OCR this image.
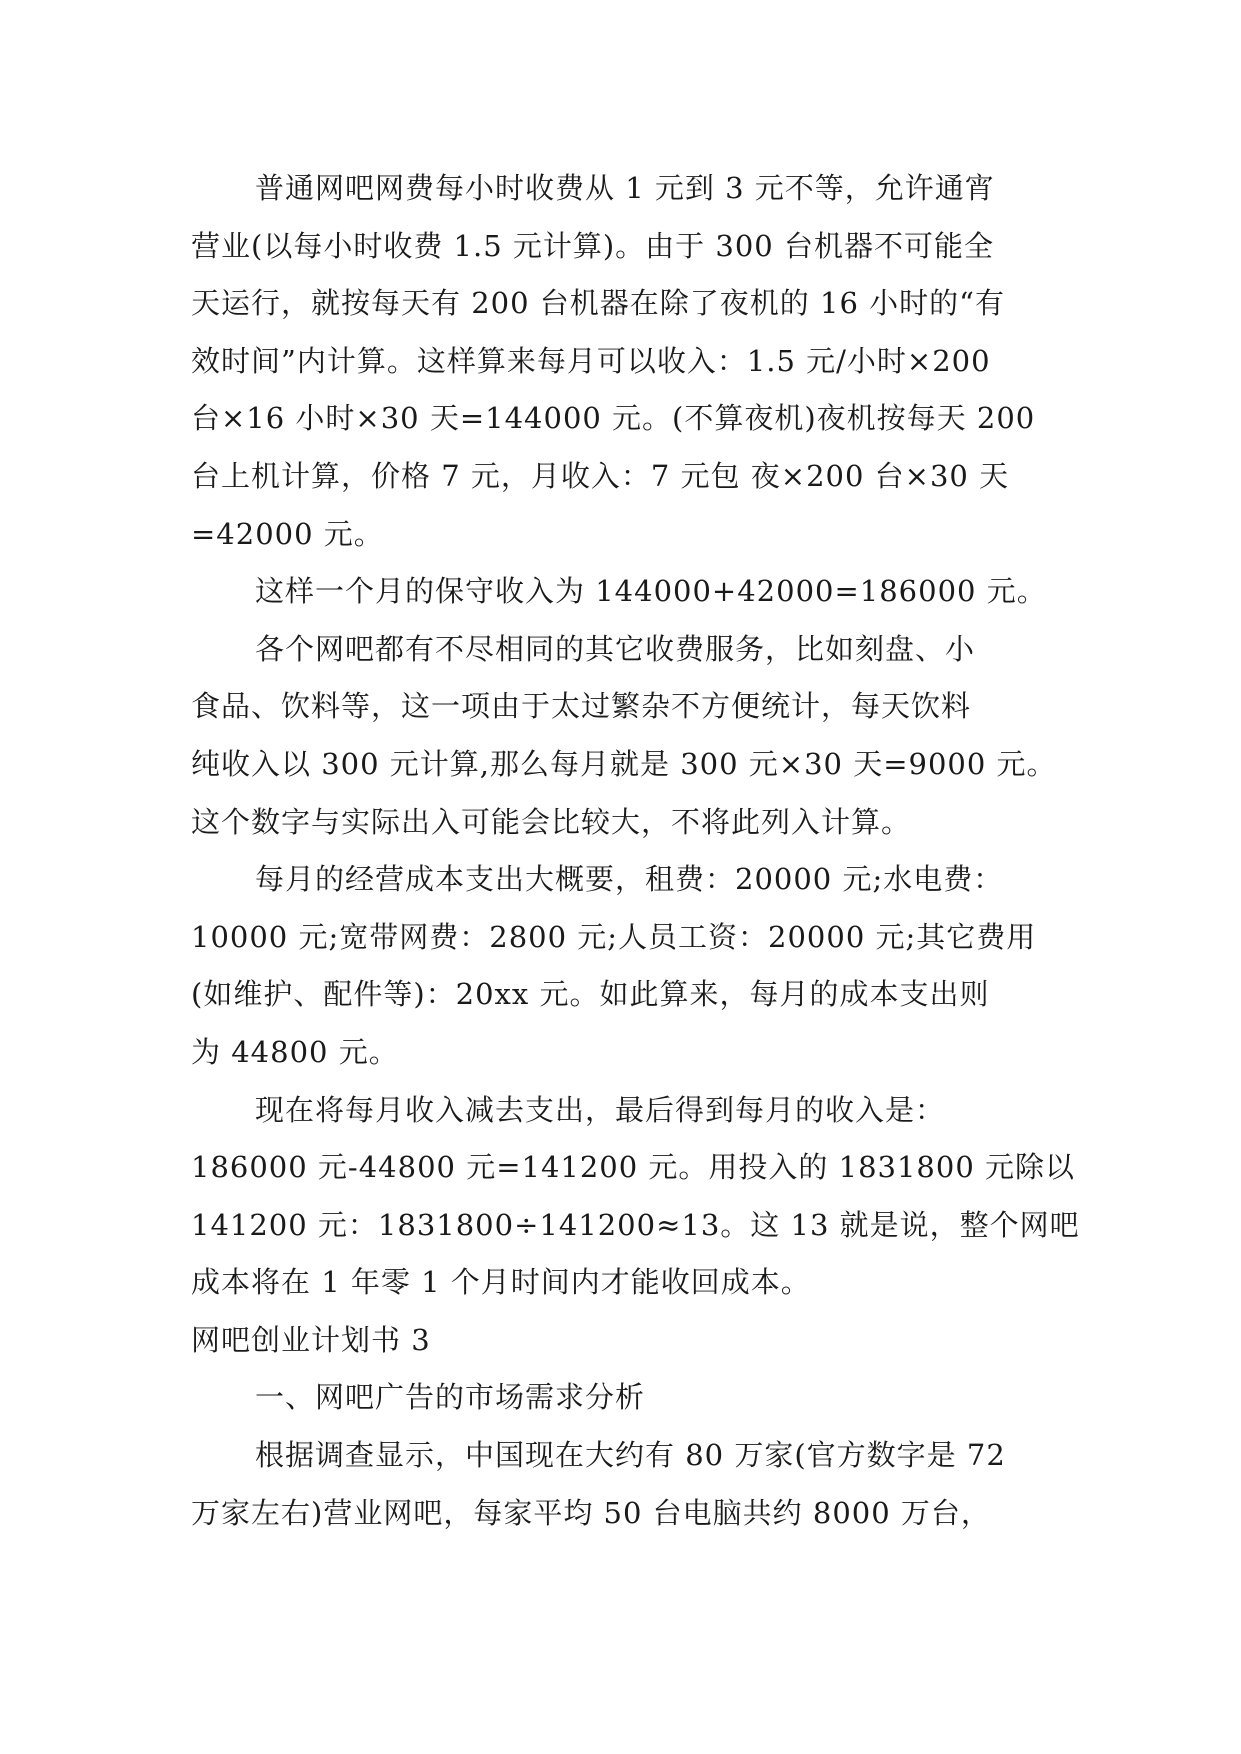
普通网吧网费每小时收费从 1 元到 3 元不等，允许通宵
营业(以每小时收费 1.5 元计算)。由于 300 台机器不可能全
天运行，就按每天有 200 台机器在除了夜机的 16 小时的“有
效时间”内计算。这样算来每月可以收入：1.5 元/小时×200
台×16 小时×30 天=144000 元。(不算夜机)夜机按每天 200
台上机计算，价格 7 元，月收入：7 元包 夜×200 台×30 天
=42000 元。
这样一个月的保守收入为 144000+42000=186000 元。
各个网吧都有不尽相同的其它收费服务，比如刻盘、小
食品、饮料等，这一项由于太过繁杂不方便统计，每天饮料
纯收入以 300 元计算,那么每月就是 300 元×30 天=9000 元。
这个数字与实际出入可能会比较大，不将此列入计算。
每月的经营成本支出大概要，租费：20000 元;水电费：
10000 元;宽带网费：2800 元;人员工资：20000 元;其它费用
(如维护、配件等)：20xx 元。如此算来，每月的成本支出则
为 44800 元。
现在将每月收入减去支出，最后得到每月的收入是：
186000 元-44800 元=141200 元。用投入的 1831800 元除以
141200 元：1831800÷141200≈13。这 13 就是说，整个网吧
成本将在 1 年零 1 个月时间内才能收回成本。
网吧创业计划书 3
一、网吧广告的市场需求分析
根据调查显示，中国现在大约有 80 万家(官方数字是 72
万家左右)营业网吧，每家平均 50 台电脑共约 8000 万台，
